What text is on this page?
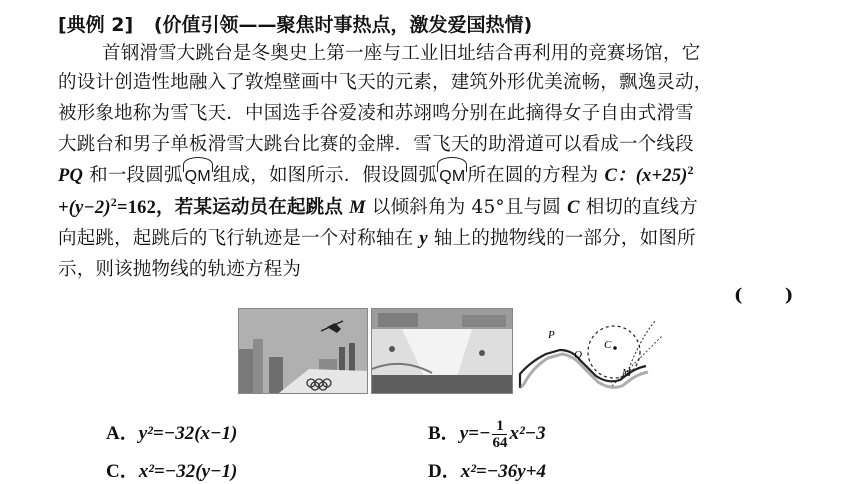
[典例 2] (价值引领——聚焦时事热点，激发爱国热情)
首钢滑雪大跳台是冬奥史上第一座与工业旧址结合再利用的竞赛场馆，它
的设计创造性地融入了敦煌壁画中飞天的元素，建筑外形优美流畅，飘逸灵动，
被形象地称为雪飞天．中国选手谷爱凌和苏翊鸣分别在此摘得女子自由式滑雪
大跳台和男子单板滑雪大跳台比赛的金牌．雪飞天的助滑道可以看成一个线段
PQ 和一段圆弧 QM 组成，如图所示．假设圆弧 QM 所在圆的方程为 C：$(x+25)^2$
$+(y-2)^2=162$，若某运动员在起跳点 M 以倾斜角为 45°且与圆 C 相切的直线方
向起跳，起跳后的飞行轨迹是一个对称轴在 y 轴上的抛物线的一部分，如图所
示，则该抛物线的轨迹方程为
( )
P
Q
C
M
A．y²=−32(x−1)	B．$y=- \frac{1}{64} x^2-3$
C．x²=−32(y−1)	D．x²=−36y+4
